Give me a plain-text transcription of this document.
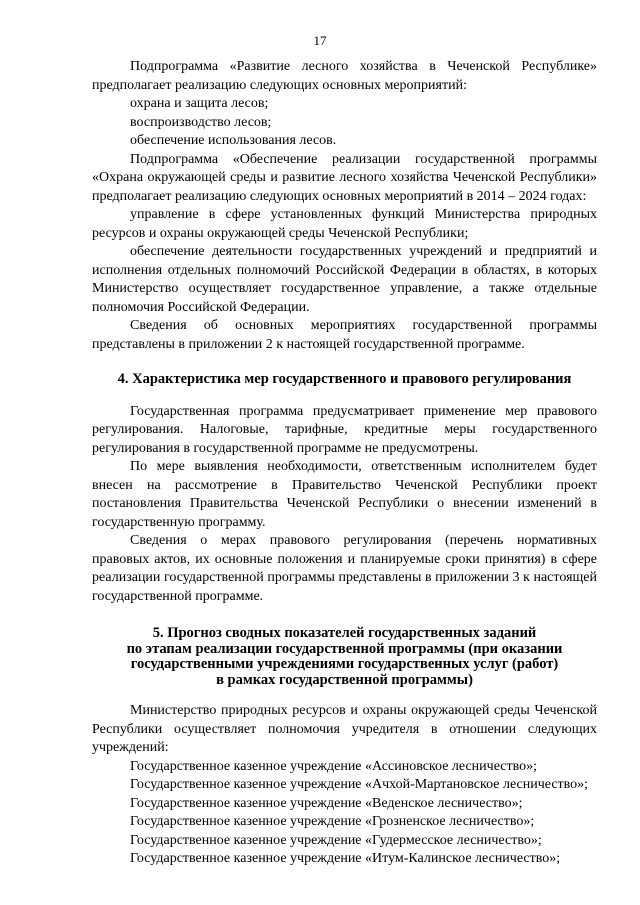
17

Подпрограмма «Развитие лесного хозяйства в Чеченской Республике» предполагает реализацию следующих основных мероприятий:

охрана и защита лесов;

воспроизводство лесов;

обеспечение использования лесов.

Подпрограмма «Обеспечение реализации государственной программы «Охрана окружающей среды и развитие лесного хозяйства Чеченской Республики» предполагает реализацию следующих основных мероприятий в 2014 – 2024 годах:

управление в сфере установленных функций Министерства природных ресурсов и охраны окружающей среды Чеченской Республики;

обеспечение деятельности государственных учреждений и предприятий и исполнения отдельных полномочий Российской Федерации в областях, в которых Министерство осуществляет государственное управление, а также отдельные полномочия Российской Федерации.

Сведения об основных мероприятиях государственной программы представлены в приложении 2 к настоящей государственной программе.

4. Характеристика мер государственного и правового регулирования

Государственная программа предусматривает применение мер правового регулирования. Налоговые, тарифные, кредитные меры государственного регулирования в государственной программе не предусмотрены.

По мере выявления необходимости, ответственным исполнителем будет внесен на рассмотрение в Правительство Чеченской Республики проект постановления Правительства Чеченской Республики о внесении изменений в государственную программу.

Сведения о мерах правового регулирования (перечень нормативных правовых актов, их основные положения и планируемые сроки принятия) в сфере реализации государственной программы представлены в приложении 3 к настоящей государственной программе.

5. Прогноз сводных показателей государственных заданий
по этапам реализации государственной программы (при оказании
государственными учреждениями государственных услуг (работ)
в рамках государственной программы)

Министерство природных ресурсов и охраны окружающей среды Чеченской Республики осуществляет полномочия учредителя в отношении следующих учреждений:

Государственное казенное учреждение «Ассиновское лесничество»;

Государственное казенное учреждение «Ачхой-Мартановское лесничество»;

Государственное казенное учреждение «Веденское лесничество»;

Государственное казенное учреждение «Грозненское лесничество»;

Государственное казенное учреждение «Гудермесское лесничество»;

Государственное казенное учреждение «Итум-Калинское лесничество»;
